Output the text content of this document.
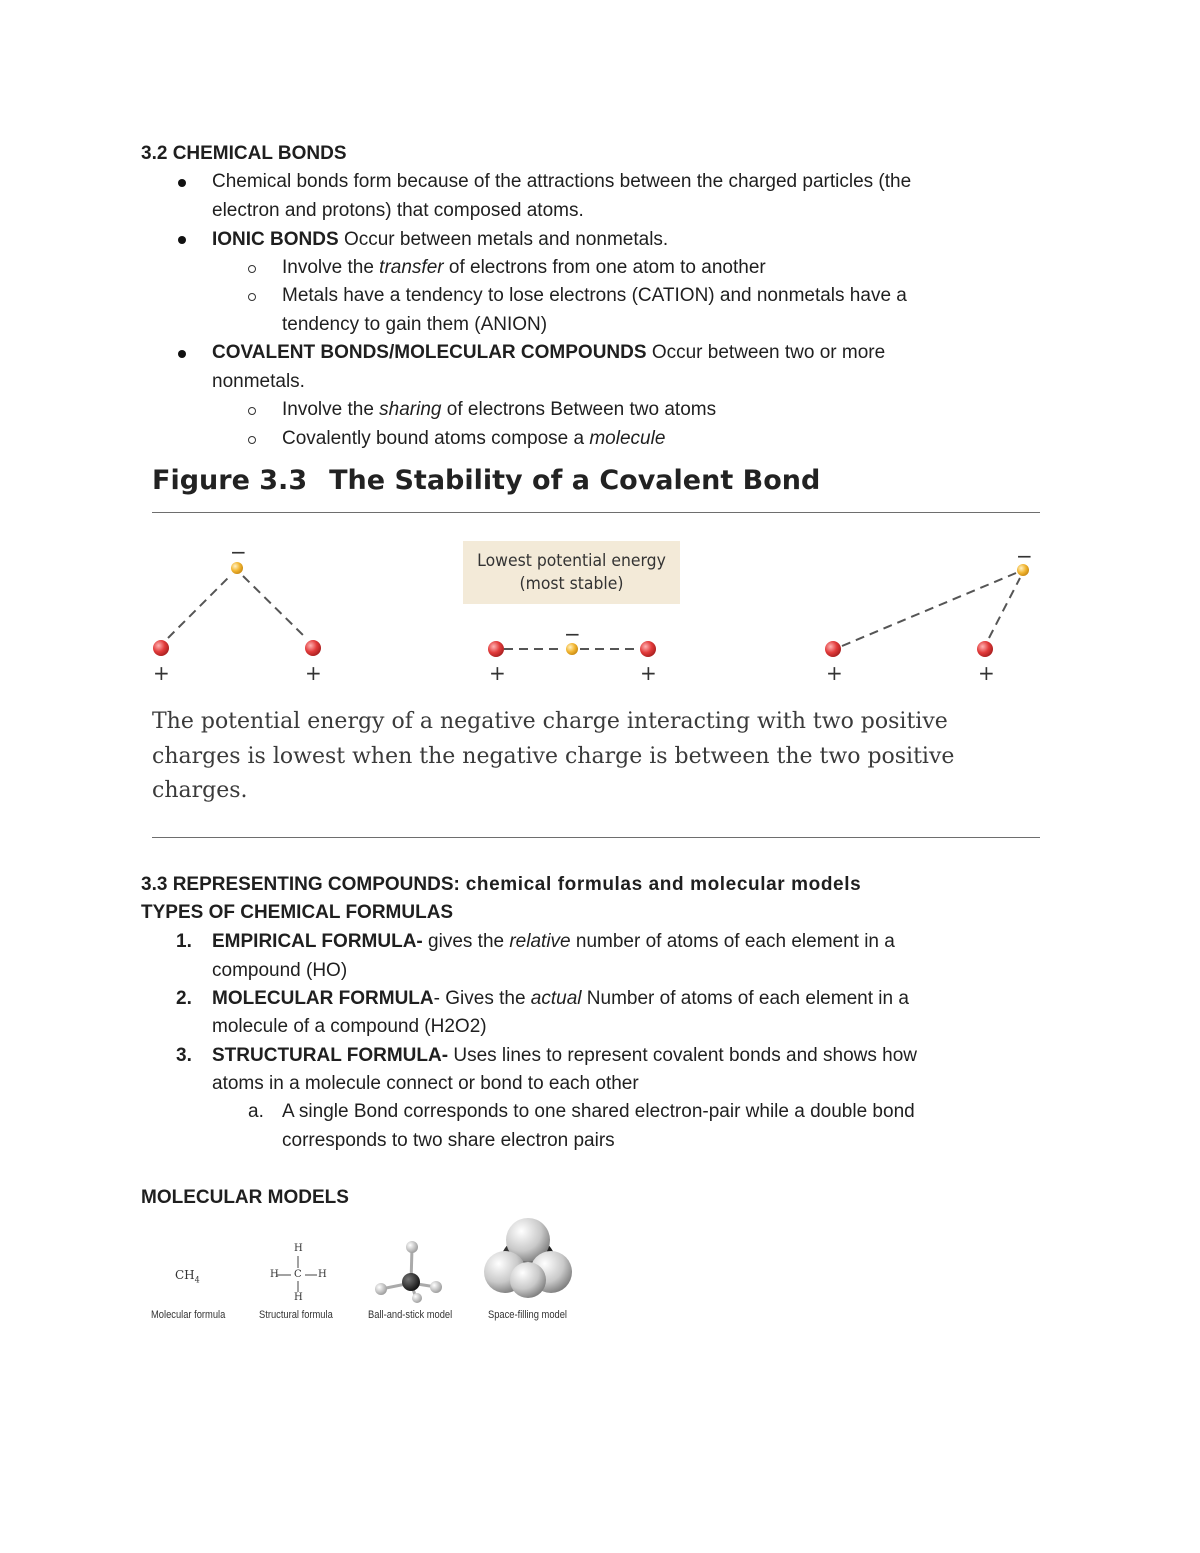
3.2 CHEMICAL BONDS
Chemical bonds form because of the attractions between the charged particles (the
electron and protons) that composed atoms.
IONIC BONDS Occur between metals and nonmetals.
Involve the transfer of electrons from one atom to another
Metals have a tendency to lose electrons (CATION) and nonmetals have a
tendency to gain them (ANION)
COVALENT BONDS/MOLECULAR COMPOUNDS Occur between two or more
nonmetals.
Involve the sharing of electrons Between two atoms
Covalently bound atoms compose a molecule
Figure 3.3 The Stability of a Covalent Bond
Lowest potential energy
(most stable)
−
−
−
+	+	+	+	+	+
The potential energy of a negative charge interacting with two positive
charges is lowest when the negative charge is between the two positive
charges.
3.3 REPRESENTING COMPOUNDS: chemical formulas and molecular models
TYPES OF CHEMICAL FORMULAS
1. EMPIRICAL FORMULA- gives the relative number of atoms of each element in a
compound (HO)
2. MOLECULAR FORMULA- Gives the actual Number of atoms of each element in a
molecule of a compound (H2O2)
3. STRUCTURAL FORMULA- Uses lines to represent covalent bonds and shows how
atoms in a molecule connect or bond to each other
a. A single Bond corresponds to one shared electron-pair while a double bond
corresponds to two share electron pairs
MOLECULAR MODELS
$CH_4$
H
H C H
H
Molecular formula	Structural formula	Ball-and-stick model	Space-filling model
